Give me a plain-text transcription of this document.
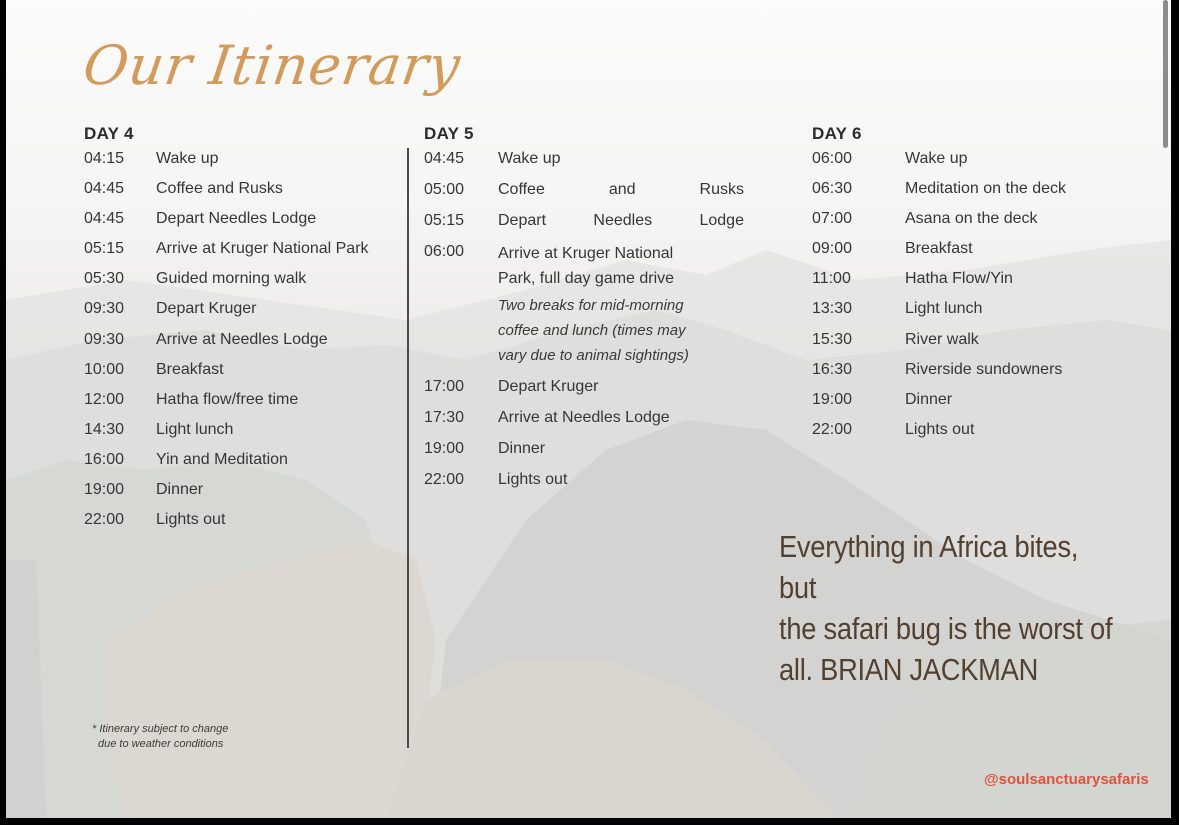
Our Itinerary
DAY 4
04:15	Wake up
04:45	Coffee and Rusks
04:45	Depart Needles Lodge
05:15	Arrive at Kruger National Park
05:30	Guided morning walk
09:30	Depart Kruger
09:30	Arrive at Needles Lodge
10:00	Breakfast
12:00	Hatha flow/free time
14:30	Light lunch
16:00	Yin and Meditation
19:00	Dinner
22:00	Lights out
DAY 5
04:45	Wake up
05:00	Coffee	and	Rusks
05:15	Depart	Needles	Lodge
06:00	Arrive at Kruger National
Park, full day game drive
Two breaks for mid-morning
coffee and lunch (times may
vary due to animal sightings)
17:00	Depart Kruger
17:30	Arrive at Needles Lodge
19:00	Dinner
22:00	Lights out
DAY 6
06:00	Wake up
06:30	Meditation on the deck
07:00	Asana on the deck
09:00	Breakfast
11:00	Hatha Flow/Yin
13:30	Light lunch
15:30	River walk
16:30	Riverside sundowners
19:00	Dinner
22:00	Lights out
Everything in Africa bites, but
the safari bug is the worst of
all. BRIAN JACKMAN
* Itinerary subject to change
due to weather conditions
@soulsanctuarysafaris
